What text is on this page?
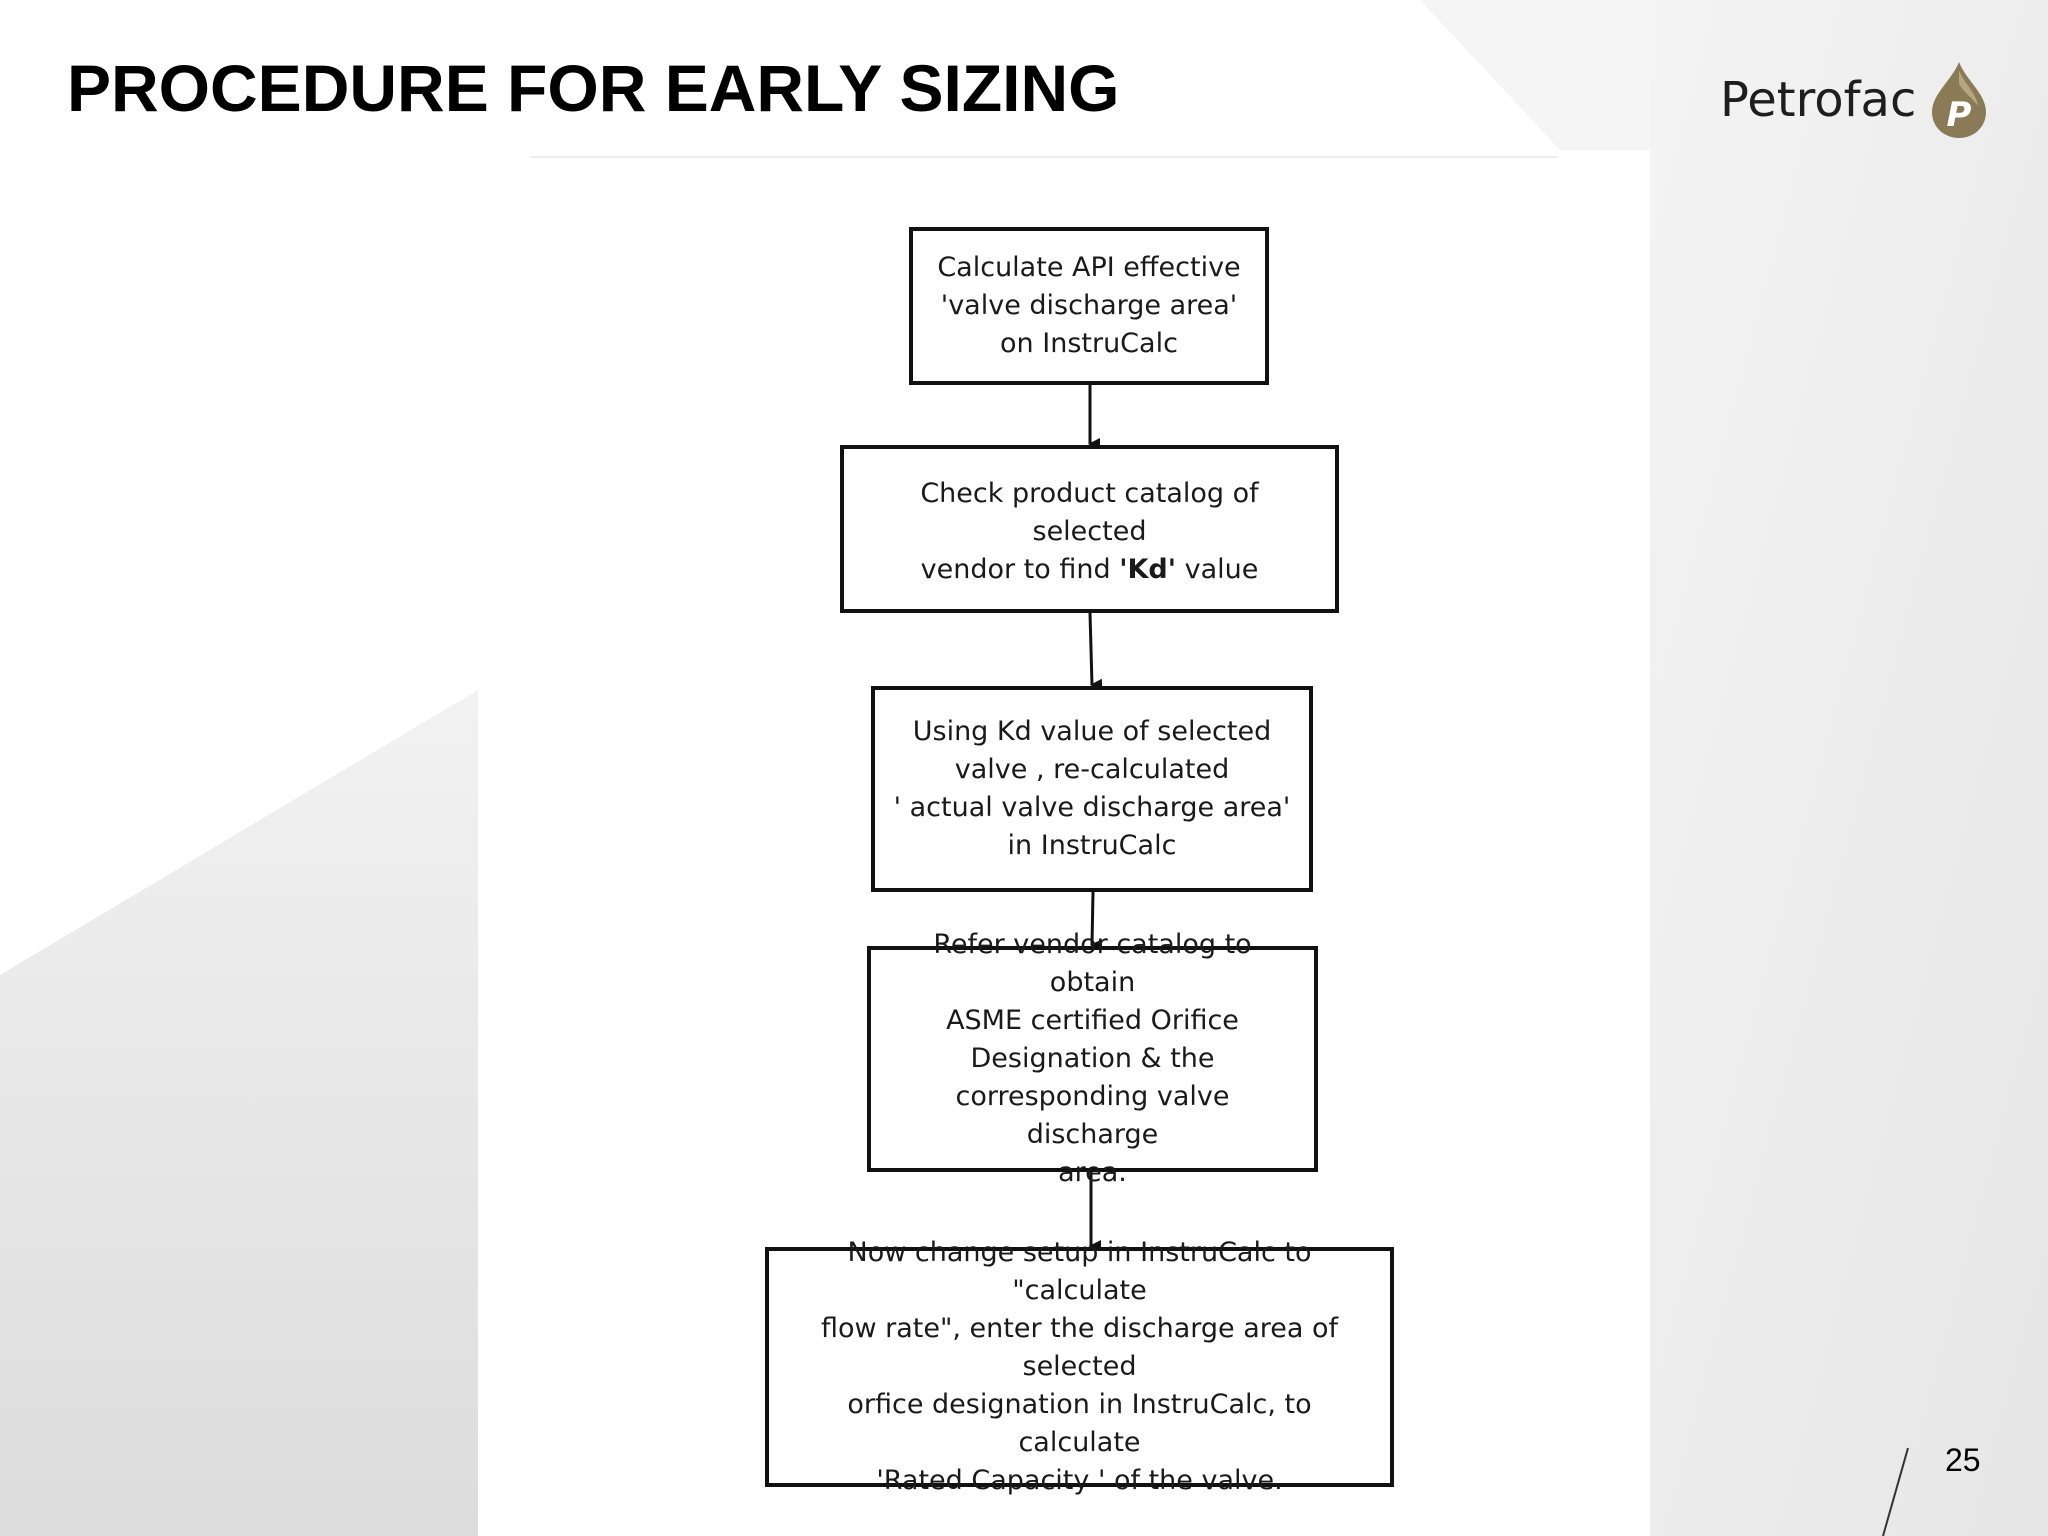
PROCEDURE FOR EARLY SIZING	Petrofac P
Calculate API effective
'valve discharge area'
on InstruCalc
Check product catalog of selected
vendor to find 'Kd' value
Using Kd value of selected
valve , re-calculated
' actual valve discharge area'
in InstruCalc
Refer vendor catalog to obtain
ASME certified Orifice
Designation & the
corresponding valve discharge
area.
Now change setup in InstruCalc to "calculate
flow rate", enter the discharge area of selected
orfice designation in InstruCalc, to calculate
'Rated Capacity ' of the valve.
25
